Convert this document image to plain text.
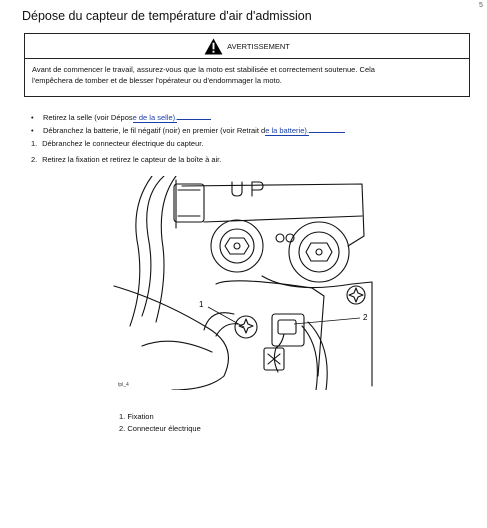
Dépose du capteur de température d'air d'admission
5
AVERTISSEMENT
Avant de commencer le travail, assurez-vous que la moto est stabilisée et correctement soutenue. Cela
l'empêchera de tomber et de blesser l'opérateur ou d'endommager la moto.
• Retirez la selle (voir Dépose de la selle).
• Débranchez la batterie, le fil négatif (noir) en premier (voir Retrait de la batterie).
1. Débranchez le connecteur électrique du capteur.
2. Retirez la fixation et retirez le capteur de la boîte à air.
1
2
tpl_4
1. Fixation
2. Connecteur électrique
